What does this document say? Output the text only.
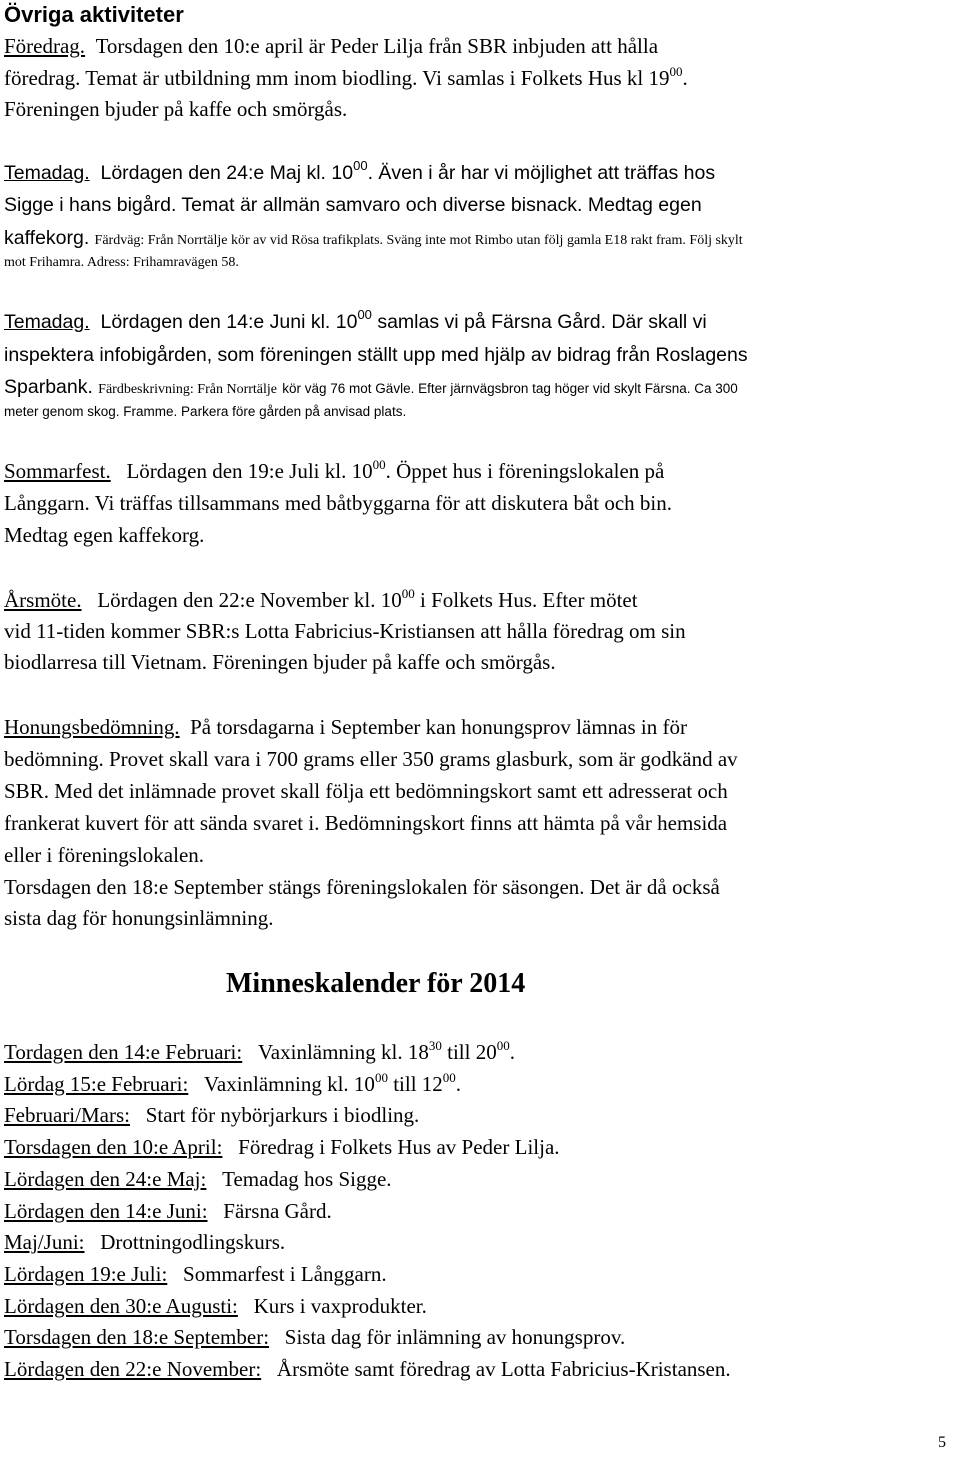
Övriga aktiviteter
Föredrag. Torsdagen den 10:e april är Peder Lilja från SBR inbjuden att hålla
föredrag. Temat är utbildning mm inom biodling. Vi samlas i Folkets Hus kl $19^{00}$.
Föreningen bjuder på kaffe och smörgås.
Temadag. Lördagen den 24:e Maj kl. $10^{00}$. Även i år har vi möjlighet att träffas hos
Sigge i hans bigård. Temat är allmän samvaro och diverse bisnack. Medtag egen
kaffekorg. Färdväg: Från Norrtälje kör av vid Rösa trafikplats. Sväng inte mot Rimbo utan följ gamla E18 rakt fram. Följ skylt
mot Frihamra. Adress: Frihamravägen 58.
Temadag. Lördagen den 14:e Juni kl. $10^{00}$ samlas vi på Färsna Gård. Där skall vi
inspektera infobigården, som föreningen ställt upp med hjälp av bidrag från Roslagens
Sparbank. Färdbeskrivning: Från Norrtälje kör väg 76 mot Gävle. Efter järnvägsbron tag höger vid skylt Färsna. Ca 300
meter genom skog. Framme. Parkera före gården på anvisad plats.
Sommarfest. Lördagen den 19:e Juli kl. $10^{00}$. Öppet hus i föreningslokalen på
Långgarn. Vi träffas tillsammans med båtbyggarna för att diskutera båt och bin.
Medtag egen kaffekorg.
Årsmöte. Lördagen den 22:e November kl. $10^{00}$ i Folkets Hus. Efter mötet
vid 11-tiden kommer SBR:s Lotta Fabricius-Kristiansen att hålla föredrag om sin
biodlarresa till Vietnam. Föreningen bjuder på kaffe och smörgås.
Honungsbedömning. På torsdagarna i September kan honungsprov lämnas in för
bedömning. Provet skall vara i 700 grams eller 350 grams glasburk, som är godkänd av
SBR. Med det inlämnade provet skall följa ett bedömningskort samt ett adresserat och
frankerat kuvert för att sända svaret i. Bedömningskort finns att hämta på vår hemsida
eller i föreningslokalen.
Torsdagen den 18:e September stängs föreningslokalen för säsongen. Det är då också
sista dag för honungsinlämning.
Minneskalender för 2014
Tordagen den 14:e Februari: Vaxinlämning kl. $18^{30}$ till $20^{00}$.
Lördag 15:e Februari: Vaxinlämning kl. $10^{00}$ till $12^{00}$.
Februari/Mars: Start för nybörjarkurs i biodling.
Torsdagen den 10:e April: Föredrag i Folkets Hus av Peder Lilja.
Lördagen den 24:e Maj: Temadag hos Sigge.
Lördagen den 14:e Juni: Färsna Gård.
Maj/Juni: Drottningodlingskurs.
Lördagen 19:e Juli: Sommarfest i Långgarn.
Lördagen den 30:e Augusti: Kurs i vaxprodukter.
Torsdagen den 18:e September: Sista dag för inlämning av honungsprov.
Lördagen den 22:e November: Årsmöte samt föredrag av Lotta Fabricius-Kristansen.
5
